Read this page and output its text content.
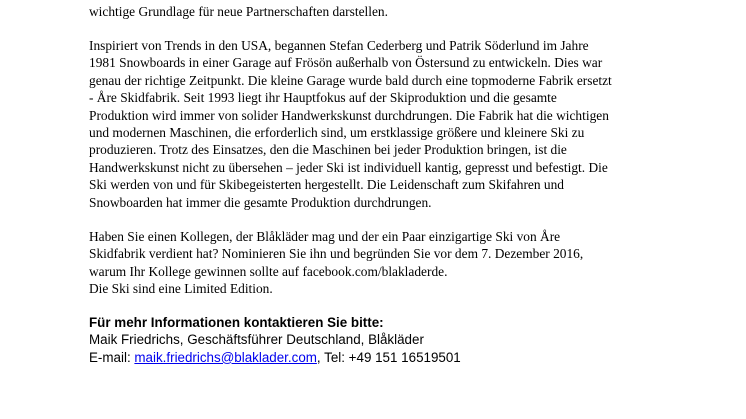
wichtige Grundlage für neue Partnerschaften darstellen.

Inspiriert von Trends in den USA, begannen Stefan Cederberg und Patrik Söderlund im Jahre

1981 Snowboards in einer Garage auf Frösön außerhalb von Östersund zu entwickeln. Dies war

genau der richtige Zeitpunkt. Die kleine Garage wurde bald durch eine topmoderne Fabrik ersetzt

- Åre Skidfabrik. Seit 1993 liegt ihr Hauptfokus auf der Skiproduktion und die gesamte

Produktion wird immer von solider Handwerkskunst durchdrungen. Die Fabrik hat die wichtigen

und modernen Maschinen, die erforderlich sind, um erstklassige größere und kleinere Ski zu

produzieren. Trotz des Einsatzes, den die Maschinen bei jeder Produktion bringen, ist die

Handwerkskunst nicht zu übersehen – jeder Ski ist individuell kantig, gepresst und befestigt. Die

Ski werden von und für Skibegeisterten hergestellt. Die Leidenschaft zum Skifahren und

Snowboarden hat immer die gesamte Produktion durchdrungen.

Haben Sie einen Kollegen, der Blåkläder mag und der ein Paar einzigartige Ski von Åre

Skidfabrik verdient hat? Nominieren Sie ihn und begründen Sie vor dem 7. Dezember 2016,

warum Ihr Kollege gewinnen sollte auf facebook.com/blakladerde.

Die Ski sind eine Limited Edition.

Für mehr Informationen kontaktieren Sie bitte:

Maik Friedrichs, Geschäftsführer Deutschland, Blåkläder

E-mail: maik.friedrichs@blaklader.com, Tel: +49 151 16519501
